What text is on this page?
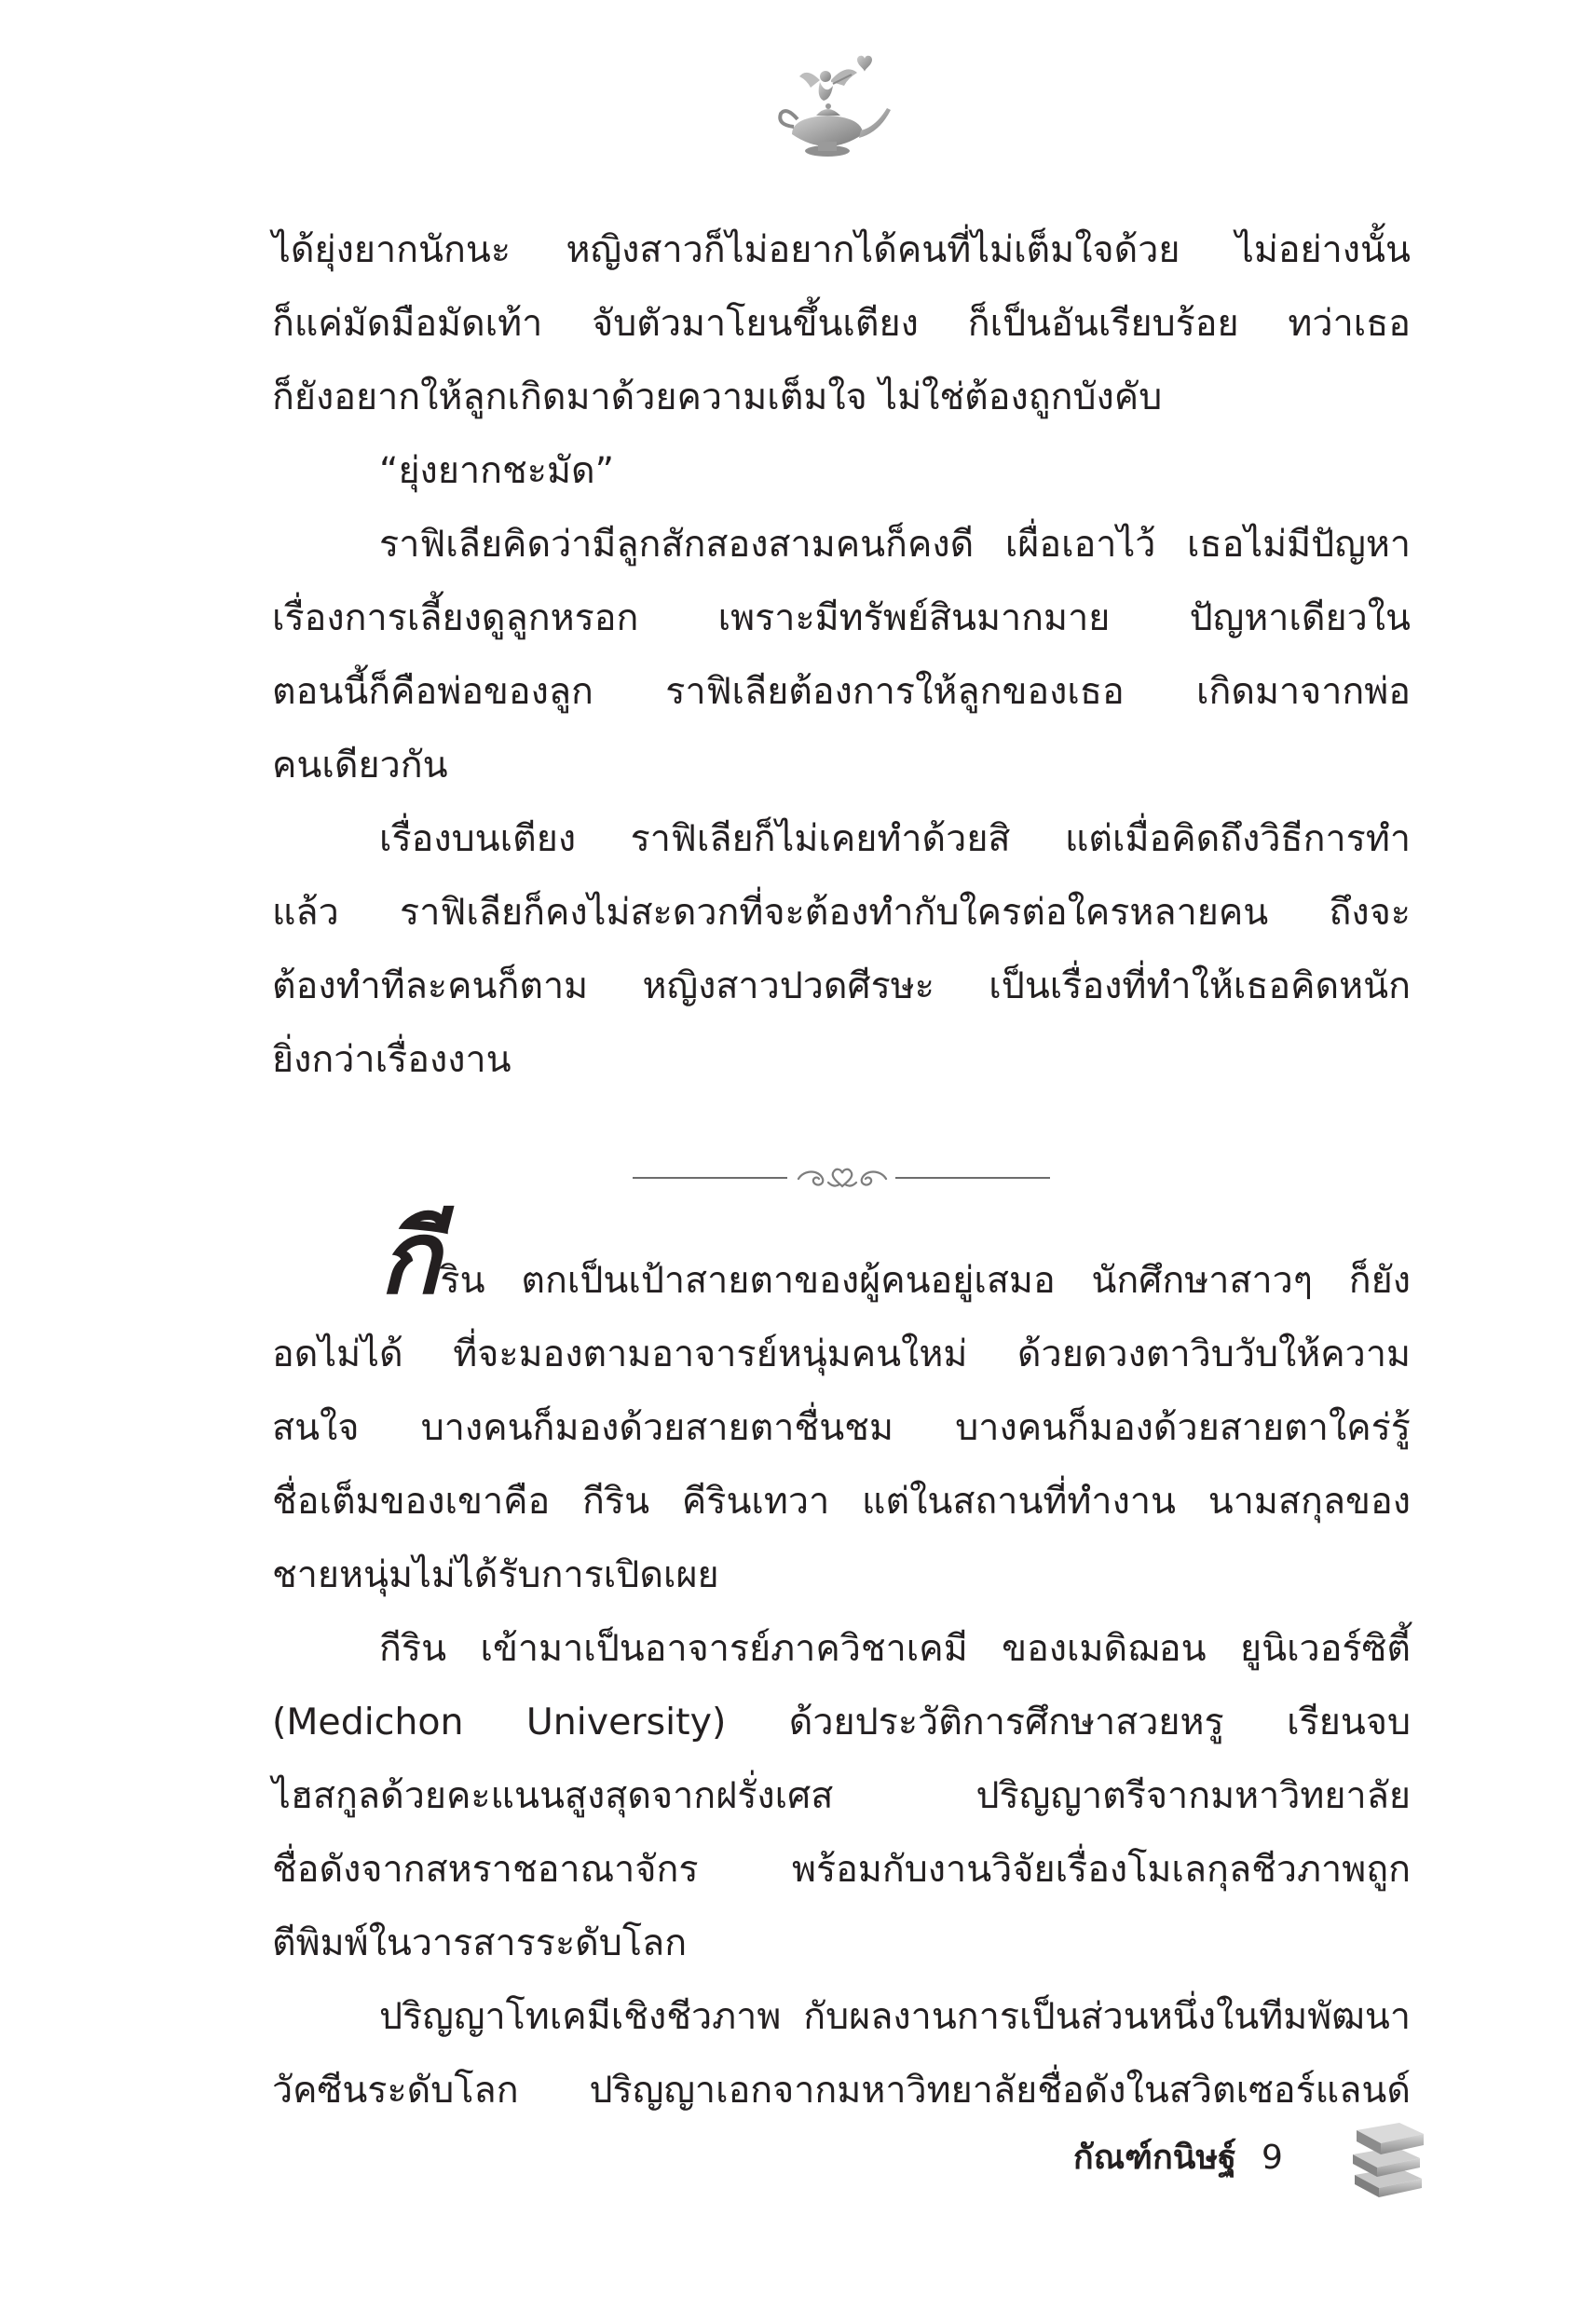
ได้ยุ่งยากนักนะ หญิงสาวก็ไม่อยากได้คนที่ไม่เต็มใจด้วย ไม่อย่างนั้น
ก็แค่มัดมือมัดเท้า จับตัวมาโยนขึ้นเตียง ก็เป็นอันเรียบร้อย ทว่าเธอ
ก็ยังอยากให้ลูกเกิดมาด้วยความเต็มใจ ไม่ใช่ต้องถูกบังคับ
“ยุ่งยากชะมัด”
ราฟิเลียคิดว่ามีลูกสักสองสามคนก็คงดี เผื่อเอาไว้ เธอไม่มีปัญหา
เรื่องการเลี้ยงดูลูกหรอก เพราะมีทรัพย์สินมากมาย ปัญหาเดียวใน
ตอนนี้ก็คือพ่อของลูก ราฟิเลียต้องการให้ลูกของเธอ เกิดมาจากพ่อ
คนเดียวกัน
เรื่องบนเตียง ราฟิเลียก็ไม่เคยทำด้วยสิ แต่เมื่อคิดถึงวิธีการทำ
แล้ว ราฟิเลียก็คงไม่สะดวกที่จะต้องทำกับใครต่อใครหลายคน ถึงจะ
ต้องทำทีละคนก็ตาม หญิงสาวปวดศีรษะ เป็นเรื่องที่ทำให้เธอคิดหนัก
ยิ่งกว่าเรื่องงาน
กีริน ตกเป็นเป้าสายตาของผู้คนอยู่เสมอ นักศึกษาสาวๆ ก็ยัง
อดไม่ได้ ที่จะมองตามอาจารย์หนุ่มคนใหม่ ด้วยดวงตาวิบวับให้ความ
สนใจ บางคนก็มองด้วยสายตาชื่นชม บางคนก็มองด้วยสายตาใคร่รู้
ชื่อเต็มของเขาคือ กีริน คีรินเทวา แต่ในสถานที่ทำงาน นามสกุลของ
ชายหนุ่มไม่ได้รับการเปิดเผย
กีริน เข้ามาเป็นอาจารย์ภาควิชาเคมี ของเมดิฌอน ยูนิเวอร์ซิตี้
(Medichon University) ด้วยประวัติการศึกษาสวยหรู เรียนจบ
ไฮสกูลด้วยคะแนนสูงสุดจากฝรั่งเศส ปริญญาตรีจากมหาวิทยาลัย
ชื่อดังจากสหราชอาณาจักร พร้อมกับงานวิจัยเรื่องโมเลกุลชีวภาพถูก
ตีพิมพ์ในวารสารระดับโลก
ปริญญาโทเคมีเชิงชีวภาพ กับผลงานการเป็นส่วนหนึ่งในทีมพัฒนา
วัคซีนระดับโลก ปริญญาเอกจากมหาวิทยาลัยชื่อดังในสวิตเซอร์แลนด์
กัณฑ์กนิษฐ์ 9
